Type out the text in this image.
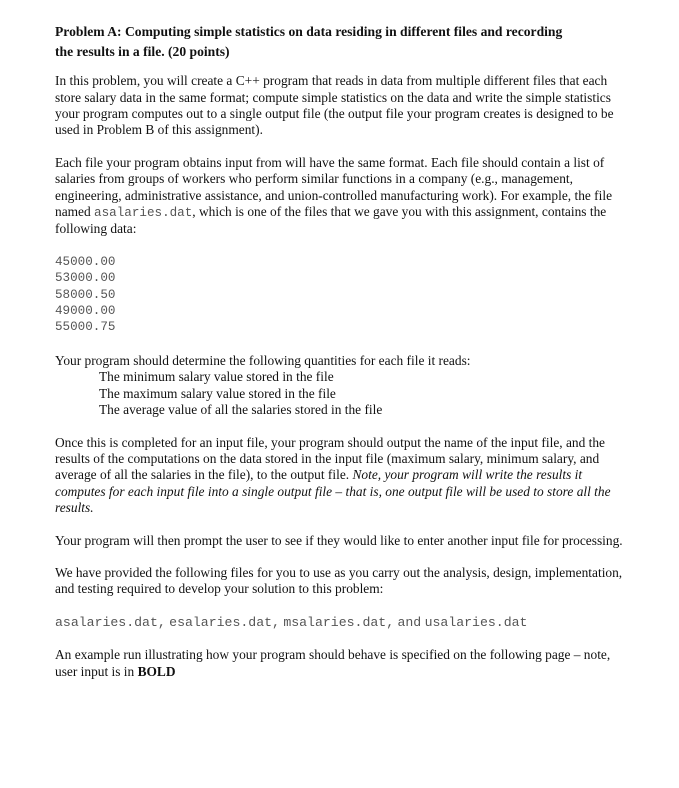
Problem A: Computing simple statistics on data residing in different files and recording
the results in a file. (20 points)

In this problem, you will create a C++ program that reads in data from multiple different files that each store salary data in the same format; compute simple statistics on the data and write the simple statistics your program computes out to a single output file (the output file your program creates is designed to be used in Problem B of this assignment).

Each file your program obtains input from will have the same format. Each file should contain a list of salaries from groups of workers who perform similar functions in a company (e.g., management, engineering, administrative assistance, and union-controlled manufacturing work). For example, the file named asalaries.dat, which is one of the files that we gave you with this assignment, contains the following data:

45000.00
53000.00
58000.50
49000.00
55000.75
Your program should determine the following quantities for each file it reads:
The minimum salary value stored in the file
The maximum salary value stored in the file
The average value of all the salaries stored in the file

Once this is completed for an input file, your program should output the name of the input file, and the results of the computations on the data stored in the input file (maximum salary, minimum salary, and average of all the salaries in the file), to the output file. Note, your program will write the results it computes for each input file into a single output file – that is, one output file will be used to store all the results.

Your program will then prompt the user to see if they would like to enter another input file for processing.

We have provided the following files for you to use as you carry out the analysis, design, implementation, and testing required to develop your solution to this problem:

asalaries.dat, esalaries.dat, msalaries.dat, and usalaries.dat

An example run illustrating how your program should behave is specified on the following page – note, user input is in BOLD
